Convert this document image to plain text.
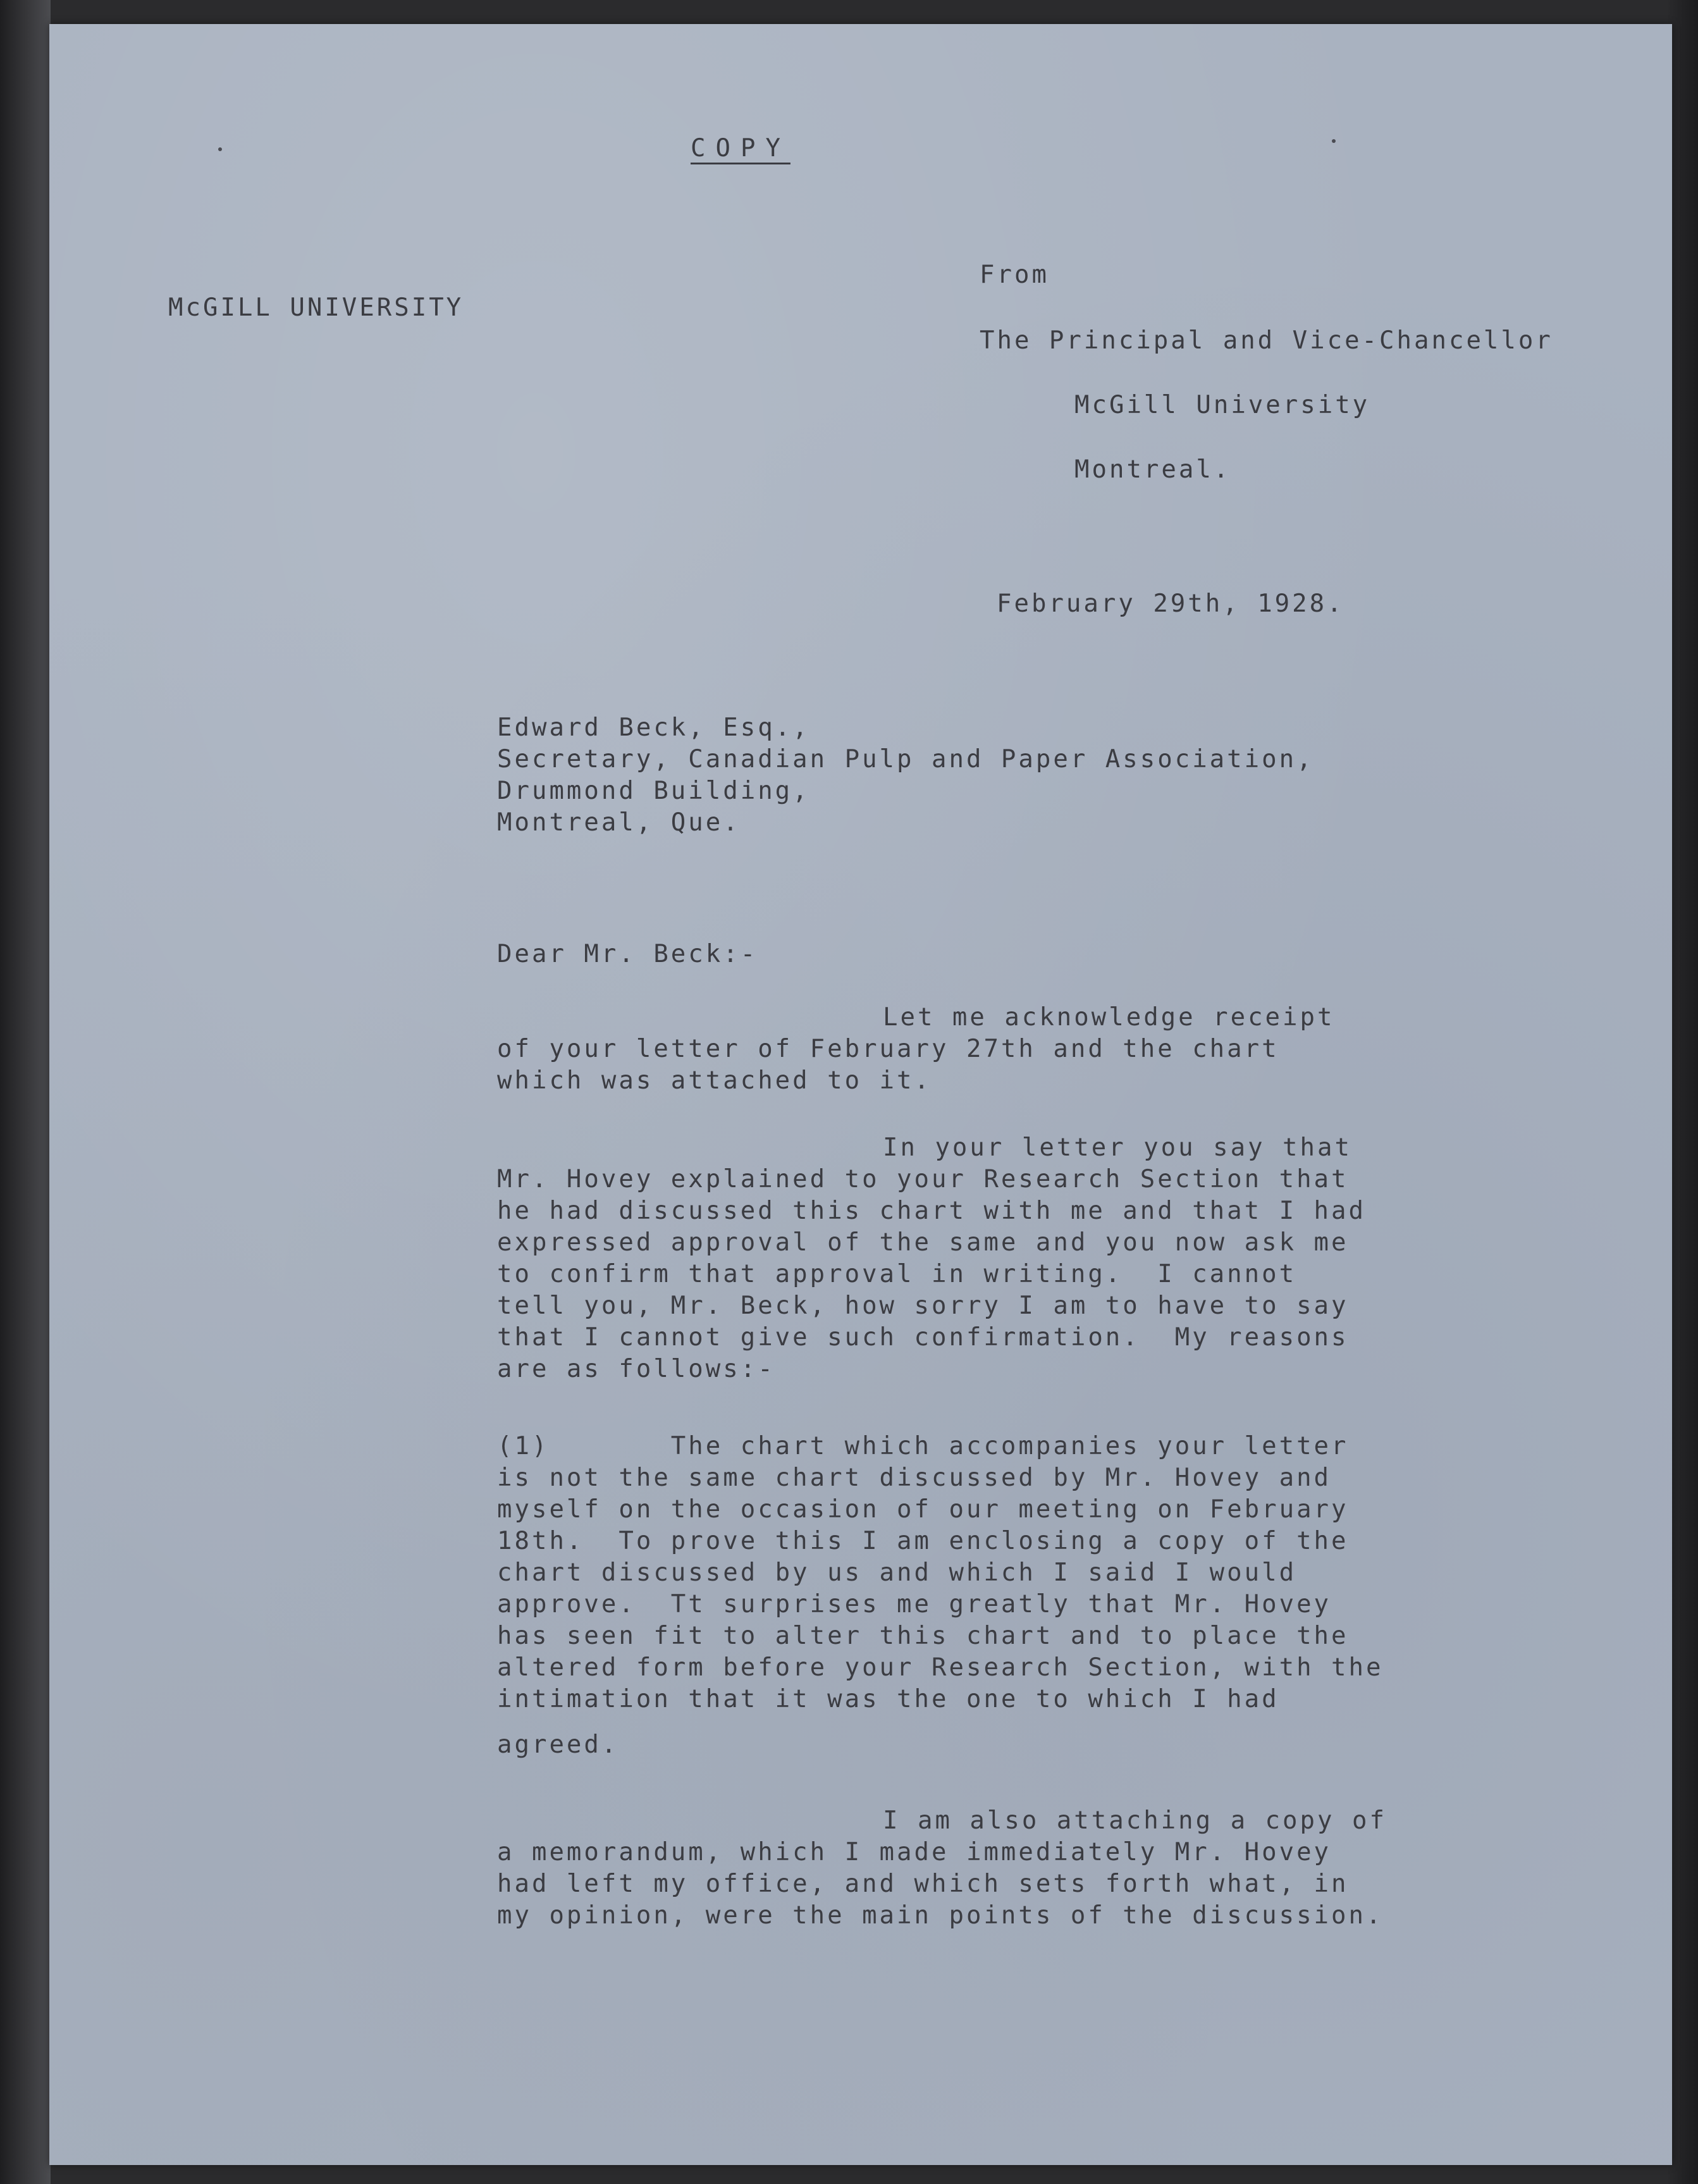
COPY

McGILL UNIVERSITY

From

The Principal and Vice-Chancellor

McGill University

Montreal.

February 29th, 1928.

Edward Beck, Esq.,

Secretary, Canadian Pulp and Paper Association,

Drummond Building,

Montreal, Que.

Dear Mr. Beck:-

Let me acknowledge receipt

of your letter of February 27th and the chart

which was attached to it.

In your letter you say that

Mr. Hovey explained to your Research Section that

he had discussed this chart with me and that I had

expressed approval of the same and you now ask me

to confirm that approval in writing.  I cannot

tell you, Mr. Beck, how sorry I am to have to say

that I cannot give such confirmation.  My reasons

are as follows:-

(1)       The chart which accompanies your letter

is not the same chart discussed by Mr. Hovey and

myself on the occasion of our meeting on February

18th.  To prove this I am enclosing a copy of the

chart discussed by us and which I said I would

approve.  Tt surprises me greatly that Mr. Hovey

has seen fit to alter this chart and to place the

altered form before your Research Section, with the

intimation that it was the one to which I had

agreed.

I am also attaching a copy of

a memorandum, which I made immediately Mr. Hovey

had left my office, and which sets forth what, in

my opinion, were the main points of the discussion.
